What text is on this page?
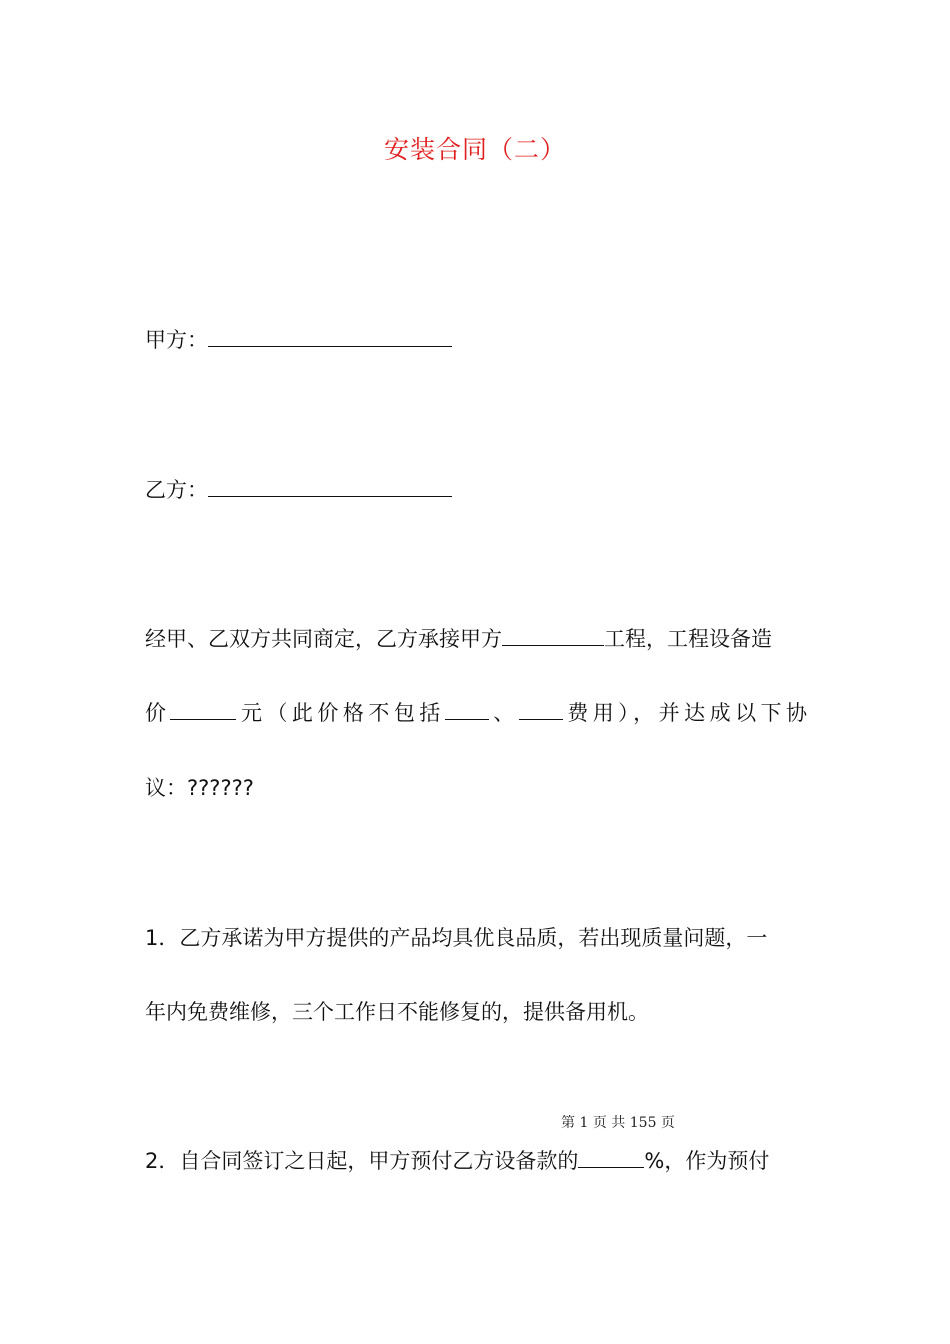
安装合同（二）
甲方：
乙方：
经甲、乙双方共同商定，乙方承接甲方	工程，工程设备造
价	元（此价格不包括 、 费用），并达成以下协
议：??????
1．乙方承诺为甲方提供的产品均具优良品质，若出现质量问题，一
年内免费维修，三个工作日不能修复的，提供备用机。
第 1 页 共 155 页
2．自合同签订之日起，甲方预付乙方设备款的	%，作为预付
